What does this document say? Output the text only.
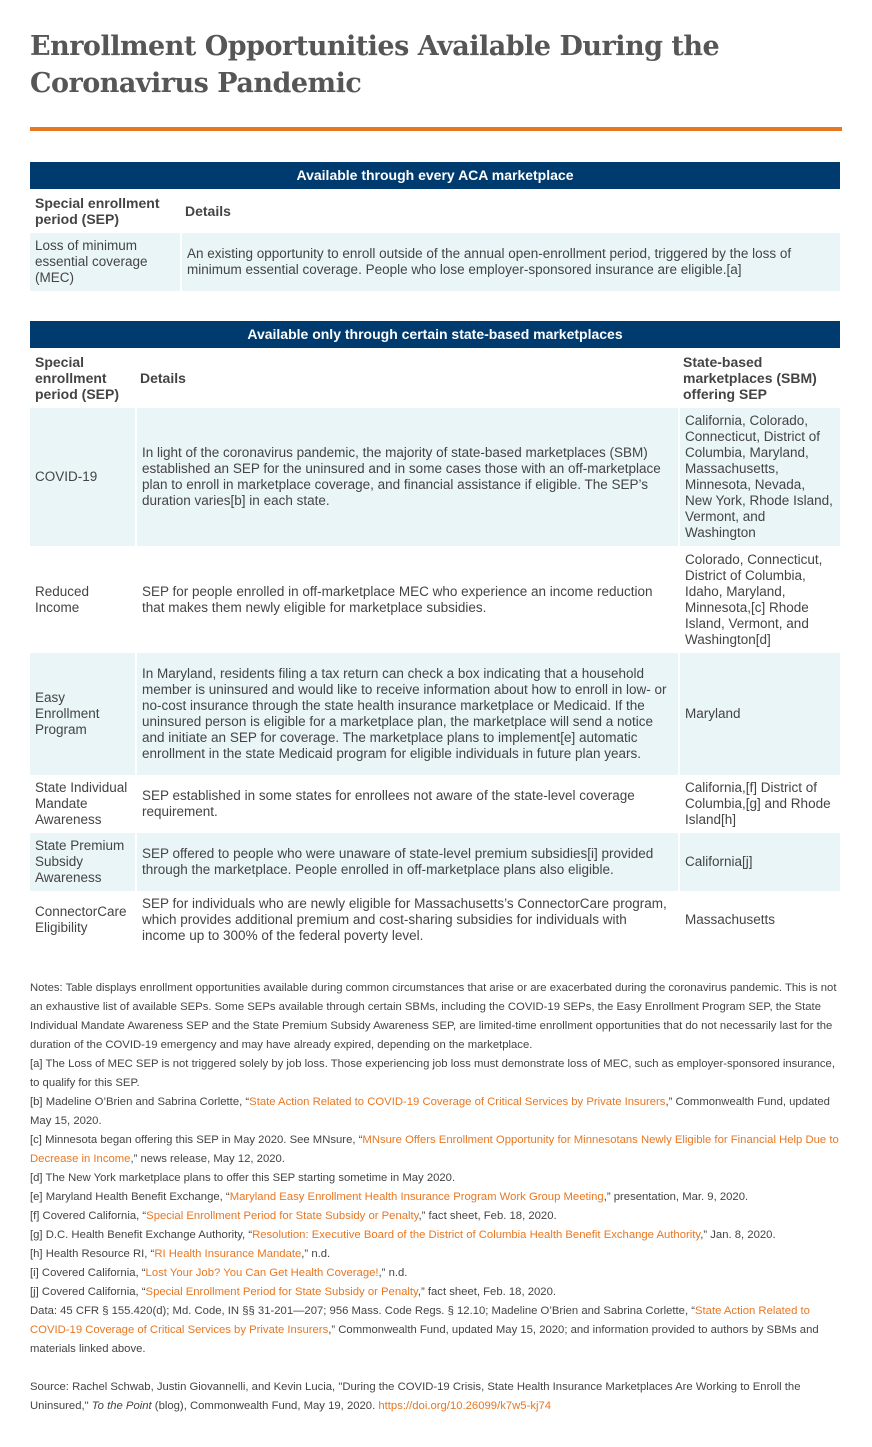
Enrollment Opportunities Available During the Coronavirus Pandemic
Available through every ACA marketplace
Special enrollment period (SEP)	Details
Loss of minimum essential coverage (MEC)	An existing opportunity to enroll outside of the annual open-enrollment period, triggered by the loss of minimum essential coverage. People who lose employer-sponsored insurance are eligible.[a]
Available only through certain state-based marketplaces
Special enrollment period (SEP)	Details	State-based marketplaces (SBM) offering SEP
COVID-19	In light of the coronavirus pandemic, the majority of state-based marketplaces (SBM) established an SEP for the uninsured and in some cases those with an off-marketplace plan to enroll in marketplace coverage, and financial assistance if eligible. The SEP’s duration varies[b] in each state.	California, Colorado, Connecticut, District of Columbia, Maryland, Massachusetts, Minnesota, Nevada, New York, Rhode Island, Vermont, and Washington
Reduced Income	SEP for people enrolled in off-marketplace MEC who experience an income reduction that makes them newly eligible for marketplace subsidies.	Colorado, Connecticut, District of Columbia, Idaho, Maryland, Minnesota,[c] Rhode Island, Vermont, and Washington[d]
Easy Enrollment Program	In Maryland, residents filing a tax return can check a box indicating that a household member is uninsured and would like to receive information about how to enroll in low- or no-cost insurance through the state health insurance marketplace or Medicaid. If the uninsured person is eligible for a marketplace plan, the marketplace will send a notice and initiate an SEP for coverage. The marketplace plans to implement[e] automatic enrollment in the state Medicaid program for eligible individuals in future plan years.	Maryland
State Individual Mandate Awareness	SEP established in some states for enrollees not aware of the state-level coverage requirement.	California,[f] District of Columbia,[g] and Rhode Island[h]
State Premium Subsidy Awareness	SEP offered to people who were unaware of state-level premium subsidies[i] provided through the marketplace. People enrolled in off-marketplace plans also eligible.	California[j]
ConnectorCare Eligibility	SEP for individuals who are newly eligible for Massachusetts’s ConnectorCare program, which provides additional premium and cost-sharing subsidies for individuals with income up to 300% of the federal poverty level.	Massachusetts

Notes: Table displays enrollment opportunities available during common circumstances that arise or are exacerbated during the coronavirus pandemic. This is not an exhaustive list of available SEPs. Some SEPs available through certain SBMs, including the COVID-19 SEPs, the Easy Enrollment Program SEP, the State Individual Mandate Awareness SEP and the State Premium Subsidy Awareness SEP, are limited-time enrollment opportunities that do not necessarily last for the duration of the COVID-19 emergency and may have already expired, depending on the marketplace.

[a] The Loss of MEC SEP is not triggered solely by job loss. Those experiencing job loss must demonstrate loss of MEC, such as employer-sponsored insurance, to qualify for this SEP.

[b] Madeline O’Brien and Sabrina Corlette, “State Action Related to COVID-19 Coverage of Critical Services by Private Insurers,” Commonwealth Fund, updated May 15, 2020.

[c] Minnesota began offering this SEP in May 2020. See MNsure, “MNsure Offers Enrollment Opportunity for Minnesotans Newly Eligible for Financial Help Due to Decrease in Income,” news release, May 12, 2020.

[d] The New York marketplace plans to offer this SEP starting sometime in May 2020.

[e] Maryland Health Benefit Exchange, “Maryland Easy Enrollment Health Insurance Program Work Group Meeting,” presentation, Mar. 9, 2020.

[f] Covered California, “Special Enrollment Period for State Subsidy or Penalty,” fact sheet, Feb. 18, 2020.

[g] D.C. Health Benefit Exchange Authority, “Resolution: Executive Board of the District of Columbia Health Benefit Exchange Authority,” Jan. 8, 2020.

[h] Health Resource RI, “RI Health Insurance Mandate,” n.d.

[i] Covered California, “Lost Your Job? You Can Get Health Coverage!,” n.d.

[j] Covered California, “Special Enrollment Period for State Subsidy or Penalty,” fact sheet, Feb. 18, 2020.

Data: 45 CFR § 155.420(d); Md. Code, IN §§ 31-201—207; 956 Mass. Code Regs. § 12.10; Madeline O’Brien and Sabrina Corlette, “State Action Related to COVID-19 Coverage of Critical Services by Private Insurers,” Commonwealth Fund, updated May 15, 2020; and information provided to authors by SBMs and materials linked above.

Source: Rachel Schwab, Justin Giovannelli, and Kevin Lucia, "During the COVID-19 Crisis, State Health Insurance Marketplaces Are Working to Enroll the Uninsured," To the Point (blog), Commonwealth Fund, May 19, 2020. https://doi.org/10.26099/k7w5-kj74
